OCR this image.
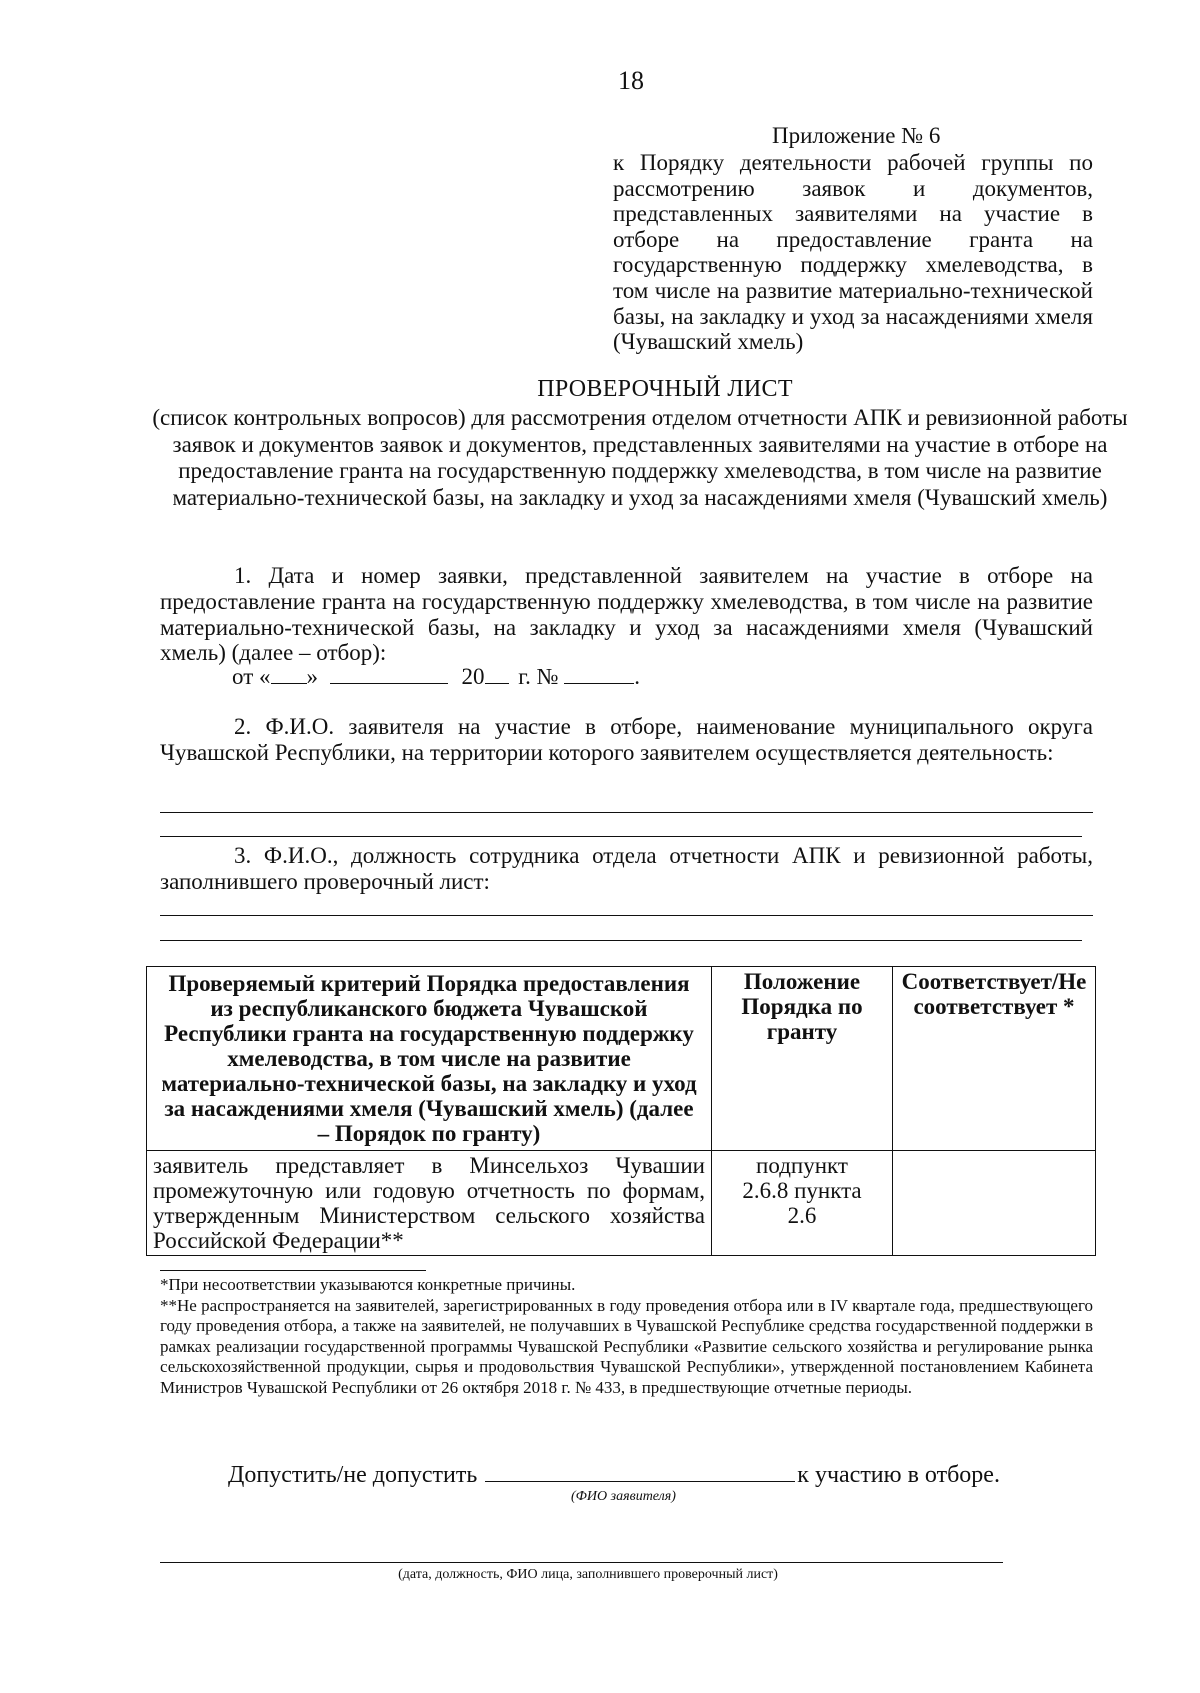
18
Приложение № 6
к Порядку деятельности рабочей группы по рассмотрению заявок и документов, представленных заявителями на участие в отборе на предоставление гранта на государственную поддержку хмелеводства, в том числе на развитие материально-технической базы, на закладку и уход за насаждениями хмеля (Чувашский хмель)
ПРОВЕРОЧНЫЙ ЛИСТ
(список контрольных вопросов) для рассмотрения отделом отчетности АПК и ревизионной работы заявок и документов заявок и документов, представленных заявителями на участие в отборе на предоставление гранта на государственную поддержку хмелеводства, в том числе на развитие материально-технической базы, на закладку и уход за насаждениями хмеля (Чувашский хмель)
1. Дата и номер заявки, представленной заявителем на участие в отборе на предоставление гранта на государственную поддержку хмелеводства, в том числе на развитие материально-технической базы, на закладку и уход за насаждениями хмеля (Чувашский хмель) (далее – отбор):
от « »	20 г. №	.
2. Ф.И.О. заявителя на участие в отборе, наименование муниципального округа Чувашской Республики, на территории которого заявителем осуществляется деятельность:
3. Ф.И.О., должность сотрудника отдела отчетности АПК и ревизионной работы, заполнившего проверочный лист:
Проверяемый критерий Порядка предоставления из республиканского бюджета Чувашской Республики гранта на государственную поддержку хмелеводства, в том числе на развитие материально-технической базы, на закладку и уход за насаждениями хмеля (Чувашский хмель) (далее – Порядок по гранту)	Положение Порядка по гранту	Соответствует/Не соответствует *
заявитель представляет в Минсельхоз Чувашии промежуточную или годовую отчетность по формам, утвержденным Министерством сельского хозяйства Российской Федерации**	подпункт 2.6.8 пункта 2.6	

*При несоответствии указываются конкретные причины.

**Не распространяется на заявителей, зарегистрированных в году проведения отбора или в IV квартале года, предшествующего году проведения отбора, а также на заявителей, не получавших в Чувашской Республике средства государственной поддержки в рамках реализации государственной программы Чувашской Республики «Развитие сельского хозяйства и регулирование рынка сельскохозяйственной продукции, сырья и продовольствия Чувашской Республики», утвержденной постановлением Кабинета Министров Чувашской Республики от 26 октября 2018 г. № 433, в предшествующие отчетные периоды.

Допустить/не допустить	к участию в отборе.
(ФИО заявителя)
(дата, должность, ФИО лица, заполнившего проверочный лист)
